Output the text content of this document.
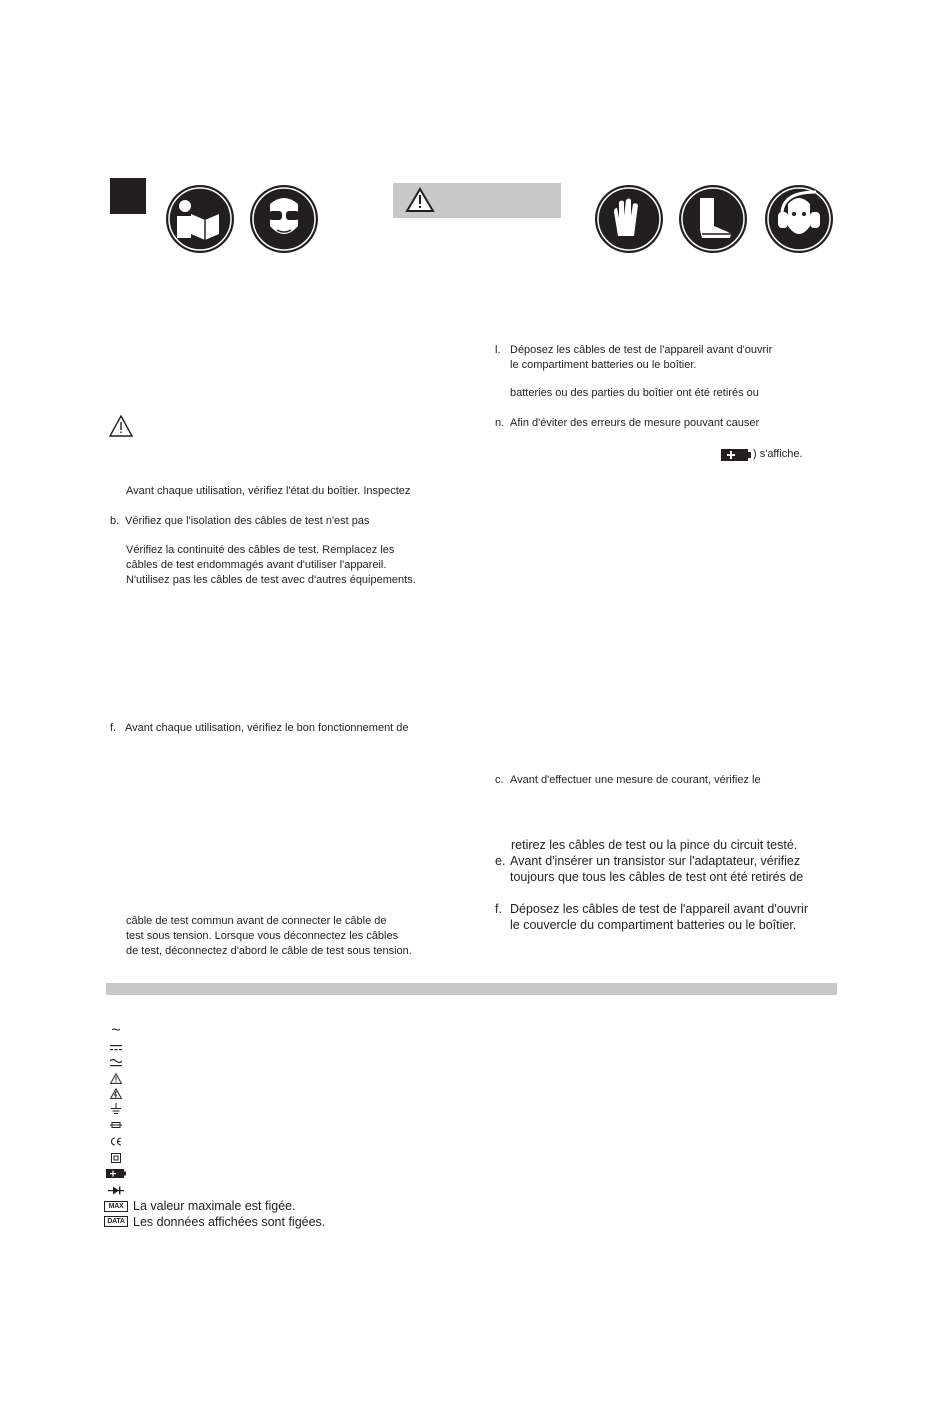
Avant chaque utilisation, vérifiez l'état du boîtier. Inspectez
b. Vérifiez que l'isolation des câbles de test n'est pas
Vérifiez la continuité des câbles de test. Remplacez les
câbles de test endommagés avant d'utiliser l'appareil.
N'utilisez pas les câbles de test avec d'autres équipements.
f. Avant chaque utilisation, vérifiez le bon fonctionnement de
câble de test commun avant de connecter le câble de
test sous tension. Lorsque vous déconnectez les câbles
de test, déconnectez d'abord le câble de test sous tension.
l. Déposez les câbles de test de l'appareil avant d'ouvrir
le compartiment batteries ou le boîtier.
batteries ou des parties du boîtier ont été retirés ou
n. Afin d'éviter des erreurs de mesure pouvant causer
) s'affiche.
c. Avant d'effectuer une mesure de courant, vérifiez le
retirez les câbles de test ou la pince du circuit testé.
e. Avant d'insérer un transistor sur l'adaptateur, vérifiez
toujours que tous les câbles de test ont été retirés de
f. Déposez les câbles de test de l'appareil avant d'ouvrir
le couvercle du compartiment batteries ou le boîtier.
~
MAX La valeur maximale est figée.
DATA Les données affichées sont figées.
